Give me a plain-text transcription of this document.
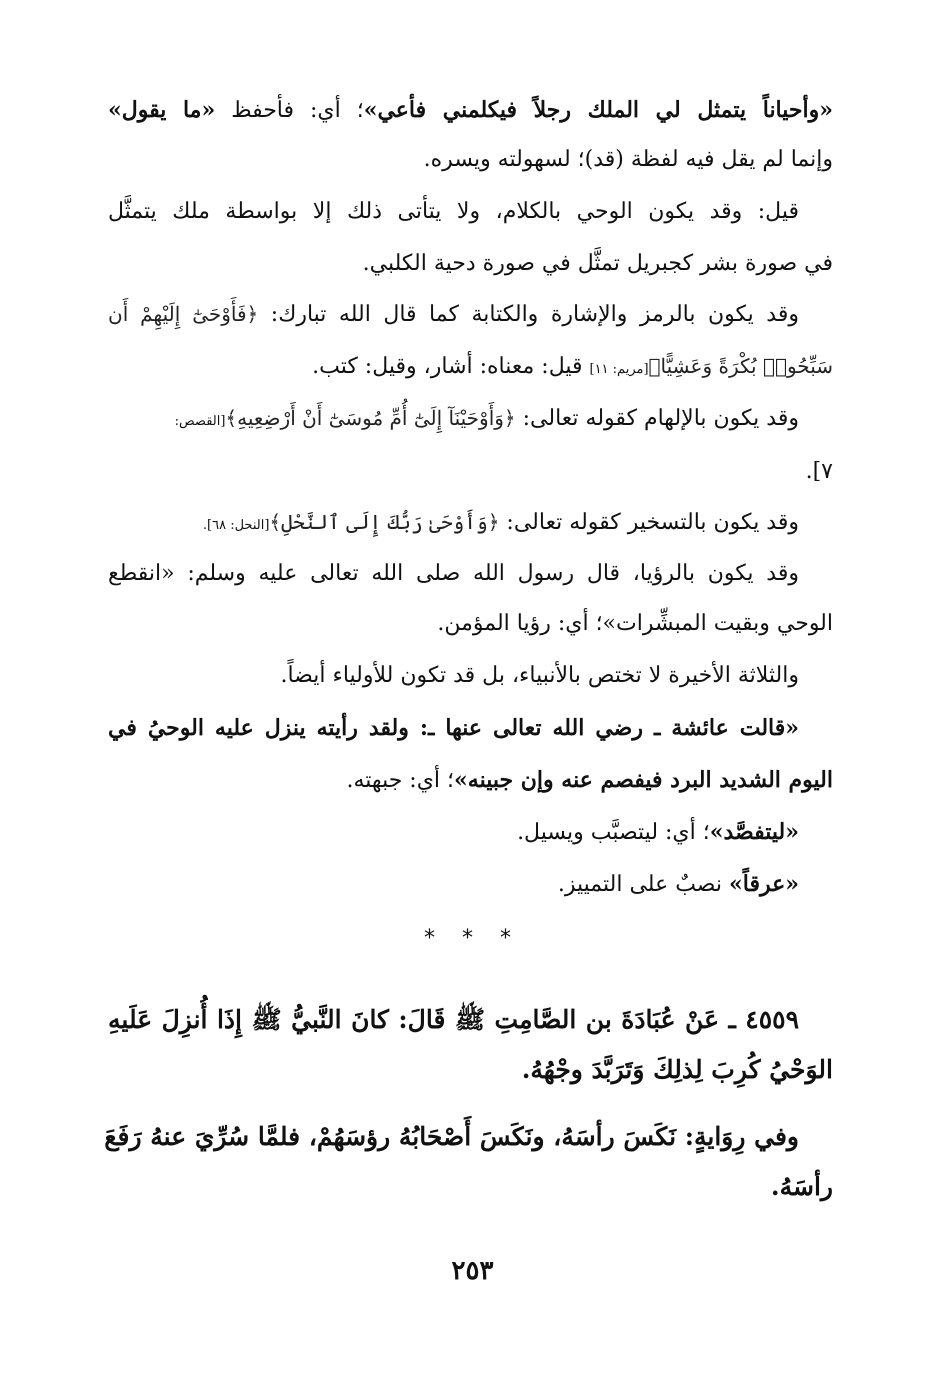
«وأحياناً يتمثل لي الملك رجلاً فيكلمني فأعي»؛ أي: فأحفظ «ما يقول»
وإنما لم يقل فيه لفظة (قد)؛ لسهولته ويسره.
قيل: وقد يكون الوحي بالكلام، ولا يتأتى ذلك إلا بواسطة ملك يتمثَّل
في صورة بشر كجبريل تمثَّل في صورة دحية الكلبي.
وقد يكون بالرمز والإشارة والكتابة كما قال الله تبارك: ﴿فَأَوْحَىٰٓ إِلَيْهِمْ أَن
سَبِّحُوا۟ بُكْرَةً وَعَشِيًّا﴾[مريم: ١١] قيل: معناه: أشار، وقيل: كتب.
وقد يكون بالإلهام كقوله تعالى: ﴿وَأَوْحَيْنَآ إِلَىٰٓ أُمِّ مُوسَىٰٓ أَنْ أَرْضِعِيهِ﴾[القصص:
٧].
وقد يكون بالتسخير كقوله تعالى: ﴿وَأَوْحَىٰ رَبُّكَ إِلَى ٱلنَّحْلِ﴾[النحل: ٦٨].
وقد يكون بالرؤيا، قال رسول الله صلى الله تعالى عليه وسلم: «انقطع
الوحي وبقيت المبشِّرات»؛ أي: رؤيا المؤمن.
والثلاثة الأخيرة لا تختص بالأنبياء، بل قد تكون للأولياء أيضاً.
«قالت عائشة ـ رضي الله تعالى عنها ـ: ولقد رأيته ينزل عليه الوحيُ في
اليوم الشديد البرد فيفصم عنه وإن جبينه»؛ أي: جبهته.
«ليتفصَّد»؛ أي: ليتصبَّب ويسيل.
«عرقاً» نصبٌ على التمييز.
* * *
٤٥٥٩ ـ عَنْ عُبَادَةَ بن الصَّامِتِ ﷺ قَالَ: كانَ النَّبيُّ ﷺ إِذَا أُنزِلَ عَلَيهِ
الوَحْيُ كُرِبَ لِذلِكَ وَتَرَبَّدَ وجْهُهُ.
وفي رِوَايةٍ: نَكَسَ رأسَهُ، ونَكَسَ أَصْحَابُهُ رؤسَهُمْ، فلمَّا سُرِّيَ عنهُ رَفَعَ
رأسَهُ.
٢٥٣
